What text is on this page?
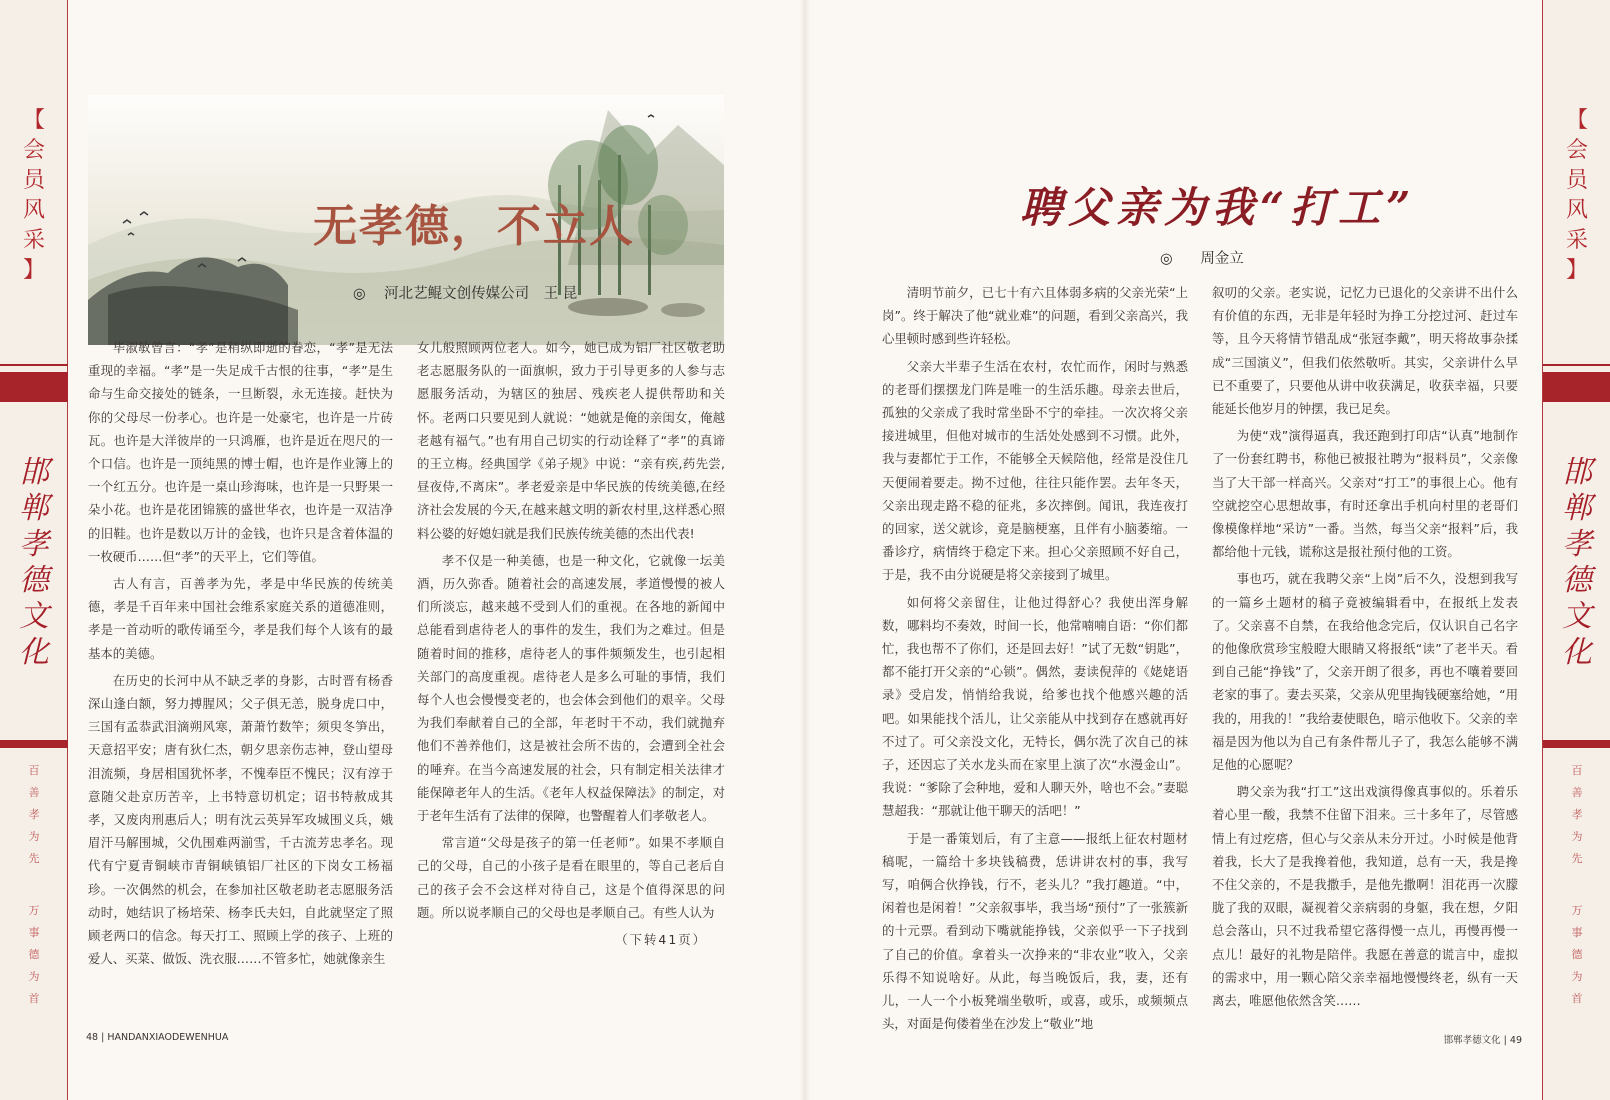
【
会
员
风
采
】
邯
郸
孝
德
文
化
百
善
孝
为
先
万
事
德
为
首
【
会
员
风
采
】
邯
郸
孝
德
文
化
百
善
孝
为
先
万
事
德
为
首
无孝德，不立人
◎ 河北艺鲲文创传媒公司　王 昆

毕淑敏曾言：“孝”是稍纵即逝的眷恋，“孝”是无法重现的幸福。“孝”是一失足成千古恨的往事，“孝”是生命与生命交接处的链条，一旦断裂，永无连接。赶快为你的父母尽一份孝心。也许是一处豪宅，也许是一片砖瓦。也许是大洋彼岸的一只鸿雁，也许是近在咫尺的一个口信。也许是一顶纯黑的博士帽，也许是作业簿上的一个红五分。也许是一桌山珍海味，也许是一只野果一朵小花。也许是花团锦簇的盛世华衣，也许是一双洁净的旧鞋。也许是数以万计的金钱，也许只是含着体温的一枚硬币……但“孝”的天平上，它们等值。

古人有言，百善孝为先，孝是中华民族的传统美德，孝是千百年来中国社会维系家庭关系的道德准则，孝是一首动听的歌传诵至今，孝是我们每个人该有的最基本的美德。

在历史的长河中从不缺乏孝的身影，古时晋有杨香深山逢白额，努力搏腥风；父子俱无恙，脱身虎口中，三国有孟恭武泪滴朔风寒，萧萧竹数竿；须臾冬笋出，天意招平安；唐有狄仁杰，朝夕思亲伤志神，登山望母泪流频，身居相国犹怀孝，不愧奉臣不愧民；汉有淳于意随父赴京历苦辛，上书特意切机定；诏书特赦成其孝，又废肉刑惠后人；明有沈云英异军攻城围义兵，娥眉汗马解围城，父仇围难两湔雪，千古流芳忠孝名。现代有宁夏青铜峡市青铜峡镇铝厂社区的下岗女工杨福珍。一次偶然的机会，在参加社区敬老助老志愿服务活动时，她结识了杨培荣、杨李氏夫妇，自此就坚定了照顾老两口的信念。每天打工、照顾上学的孩子、上班的爱人、买菜、做饭、洗衣服……不管多忙，她就像亲生

女儿般照顾两位老人。如今，她已成为铝厂社区敬老助老志愿服务队的一面旗帜，致力于引导更多的人参与志愿服务活动，为辖区的独居、残疾老人提供帮助和关怀。老两口只要见到人就说：“她就是俺的亲闺女，俺越老越有福气。”也有用自己切实的行动诠释了“孝”的真谛的王立梅。经典国学《弟子规》中说：“亲有疾,药先尝,昼夜侍,不离床”。孝老爱亲是中华民族的传统美德,在经济社会发展的今天,在越来越文明的新农村里,这样悉心照料公婆的好媳妇就是我们民族传统美德的杰出代表!

孝不仅是一种美德，也是一种文化，它就像一坛美酒，历久弥香。随着社会的高速发展，孝道慢慢的被人们所淡忘，越来越不受到人们的重视。在各地的新闻中总能看到虐待老人的事件的发生，我们为之难过。但是随着时间的推移，虐待老人的事件频频发生，也引起相关部门的高度重视。虐待老人是多么可耻的事情，我们每个人也会慢慢变老的，也会体会到他们的艰辛。父母为我们奉献着自己的全部，年老时干不动，我们就抛弃他们不善养他们，这是被社会所不齿的，会遭到全社会的唾弃。在当今高速发展的社会，只有制定相关法律才能保障老年人的生活。《老年人权益保障法》的制定，对于老年生活有了法律的保障，也警醒着人们孝敬老人。

常言道“父母是孩子的第一任老师”。如果不孝顺自己的父母，自己的小孩子是看在眼里的，等自己老后自己的孩子会不会这样对待自己，这是个值得深思的问题。所以说孝顺自己的父母也是孝顺自己。有些人认为

（下转41页）
48 | HANDANXIAODEWENHUA
聘父亲为我“打工”
◎ 周金立

清明节前夕，已七十有六且体弱多病的父亲光荣“上岗”。终于解决了他“就业难”的问题，看到父亲高兴，我心里顿时感到些许轻松。

父亲大半辈子生活在农村，农忙而作，闲时与熟悉的老哥们摆摆龙门阵是唯一的生活乐趣。母亲去世后，孤独的父亲成了我时常坐卧不宁的牵挂。一次次将父亲接进城里，但他对城市的生活处处感到不习惯。此外，我与妻都忙于工作，不能够全天候陪他，经常是没住几天便闹着要走。拗不过他，往往只能作罢。去年冬天，父亲出现走路不稳的征兆，多次摔倒。闻讯，我连夜打的回家，送父就诊，竟是脑梗塞，且伴有小脑萎缩。一番诊疗，病情终于稳定下来。担心父亲照顾不好自己，于是，我不由分说硬是将父亲接到了城里。

如何将父亲留住，让他过得舒心？我使出浑身解数，哪料均不奏效，时间一长，他常喃喃自语：“你们都忙，我也帮不了你们，还是回去好！”试了无数“钥匙”，都不能打开父亲的“心锁”。偶然，妻读倪萍的《姥姥语录》受启发，悄悄给我说，给爹也找个他感兴趣的活吧。如果能找个活儿，让父亲能从中找到存在感就再好不过了。可父亲没文化，无特长，偶尔洗了次自己的袜子，还因忘了关水龙头而在家里上演了次“水漫金山”。我说：“爹除了会种地，爱和人聊天外，啥也不会。”妻聪慧超我：“那就让他干聊天的活吧！”

于是一番策划后，有了主意——报纸上征农村题材稿呢，一篇给十多块钱稿费，恁讲讲农村的事，我写写，咱俩合伙挣钱，行不，老头儿？”我打趣道。“中，闲着也是闲着！”父亲叙事毕，我当场“预付”了一张簇新的十元票。看到动下嘴就能挣钱，父亲似乎一下子找到了自己的价值。拿着头一次挣来的“非农业”收入，父亲乐得不知说啥好。从此，每当晚饭后，我，妻，还有儿，一人一个小板凳端坐敬听，或喜，或乐，或频频点头，对面是佝偻着坐在沙发上“敬业”地

叙叨的父亲。老实说，记忆力已退化的父亲讲不出什么有价值的东西，无非是年轻时为挣工分挖过河、赶过车等，且今天将情节错乱成“张冠李戴”，明天将故事杂揉成“三国演义”，但我们依然敬听。其实，父亲讲什么早已不重要了，只要他从讲中收获满足，收获幸福，只要能延长他岁月的钟摆，我已足矣。

为使“戏”演得逼真，我还跑到打印店“认真”地制作了一份套红聘书，称他已被报社聘为“报料员”，父亲像当了大干部一样高兴。父亲对“打工”的事很上心。他有空就挖空心思想故事，有时还拿出手机向村里的老哥们像模像样地“采访”一番。当然，每当父亲“报料”后，我都给他十元钱，谎称这是报社预付他的工资。

事也巧，就在我聘父亲“上岗”后不久，没想到我写的一篇乡土题材的稿子竟被编辑看中，在报纸上发表了。父亲喜不自禁，在我给他念完后，仅认识自己名字的他像欣赏珍宝般瞪大眼睛又将报纸“读”了老半天。看到自己能“挣钱”了，父亲开朗了很多，再也不嚷着要回老家的事了。妻去买菜，父亲从兜里掏钱硬塞给她，“用我的，用我的！”我给妻使眼色，暗示他收下。父亲的幸福是因为他以为自己有条件帮儿子了，我怎么能够不满足他的心愿呢？

聘父亲为我“打工”这出戏演得像真事似的。乐着乐着心里一酸，我禁不住留下泪来。三十多年了，尽管感情上有过疙瘩，但心与父亲从未分开过。小时候是他背着我，长大了是我搀着他，我知道，总有一天，我是搀不住父亲的，不是我撒手，是他先撒啊！泪花再一次朦胧了我的双眼，凝视着父亲病弱的身躯，我在想，夕阳总会落山，只不过我希望它落得慢一点儿，再慢再慢一点儿！最好的礼物是陪伴。我愿在善意的谎言中，虚拟的需求中，用一颗心陪父亲幸福地慢慢终老，纵有一天离去，唯愿他依然含笑……

邯郸孝德文化 | 49
